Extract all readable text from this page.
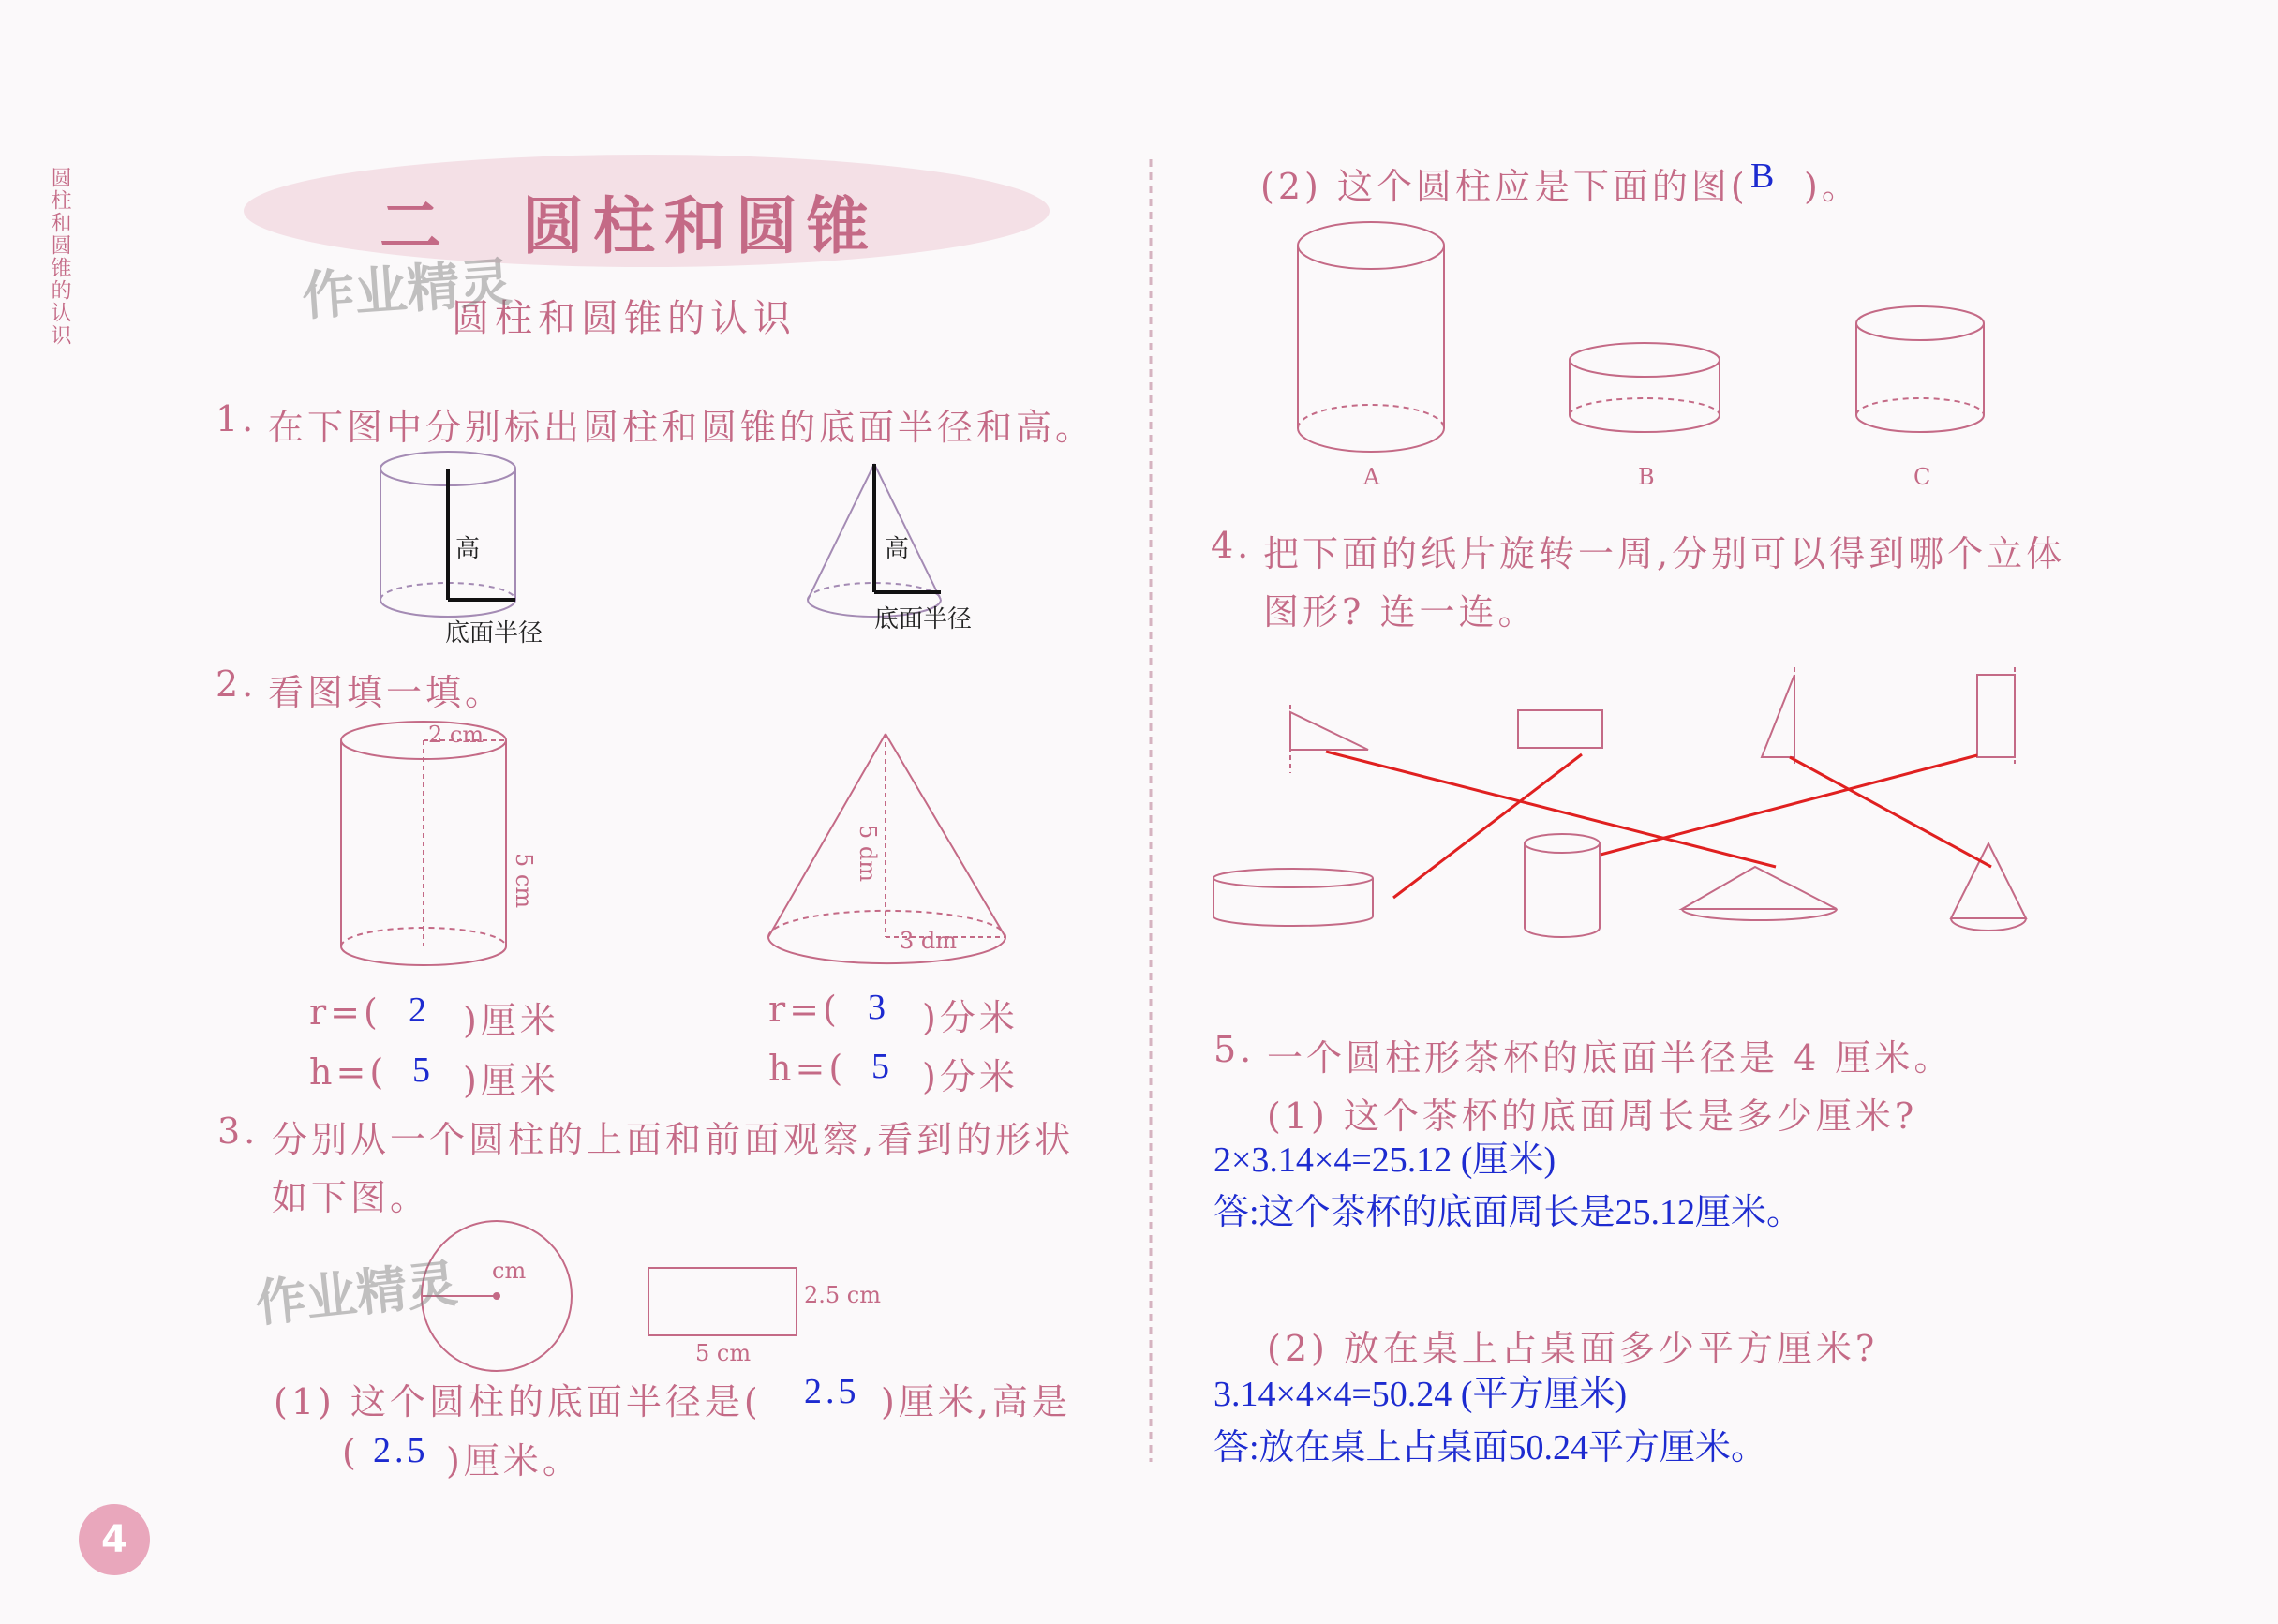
圆柱和圆锥的认识	二　圆柱和圆锥
圆柱和圆锥的认识
作业精灵
作业精灵
1. 在下图中分别标出圆柱和圆锥的底面半径和高。
高
底面半径
高
底面半径
2. 看图填一填。
2 cm
5 cm	5 dm
3 dm
r=( 2 )厘米
h=( 5 )厘米
r=( 3 )分米
h=( 5 )分米
3. 分别从一个圆柱的上面和前面观察,看到的形状
如下图。
cm
2.5 cm
5 cm
(1) 这个圆柱的底面半径是( 2.5 )厘米,高是
( 2.5 )厘米。
(2) 这个圆柱应是下面的图( B )。
A	B	C
4. 把下面的纸片旋转一周,分别可以得到哪个立体
图形? 连一连。
5. 一个圆柱形茶杯的底面半径是 4 厘米。
(1) 这个茶杯的底面周长是多少厘米?
2×3.14×4=25.12 (厘米)
答:这个茶杯的底面周长是25.12厘米。
(2) 放在桌上占桌面多少平方厘米?
3.14×4×4=50.24 (平方厘米)
答:放在桌上占桌面50.24平方厘米。
4
